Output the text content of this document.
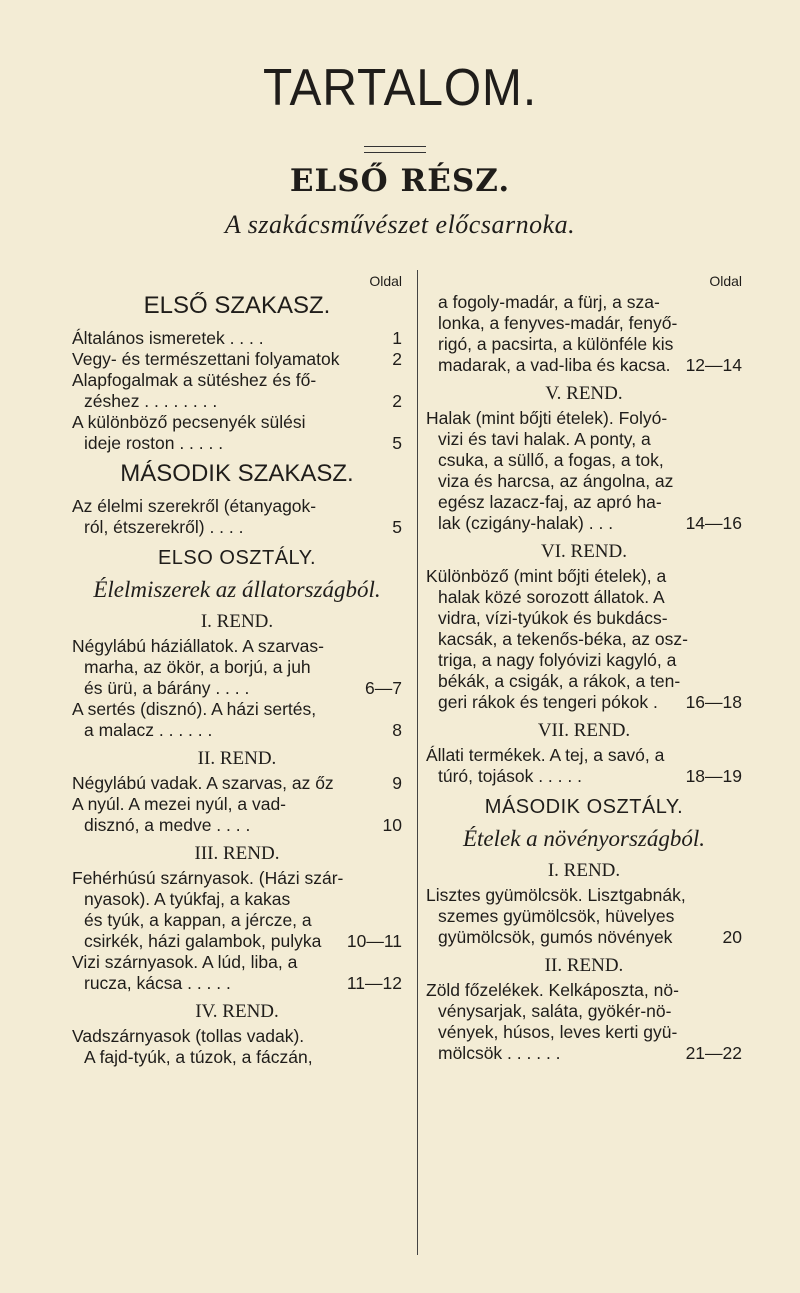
TARTALOM.
ELSŐ RÉSZ.
A szakácsművészet előcsarnoka.
Oldal
ELSŐ SZAKASZ.
Általános ismeretek . . . .	1
Vegy- és természettani folyamatok	2
Alapfogalmak a sütéshez és fő-
zéshez . . . . . . . .	2
A különböző pecsenyék sülési
ideje roston . . . . .	5
MÁSODIK SZAKASZ.
Az élelmi szerekről (étanyagok-
ról, étszerekről) . . . .	5
ELSO OSZTÁLY.
Élelmiszerek az állatországból.
I. REND.
Négylábú háziállatok. A szarvas-
marha, az ökör, a borjú, a juh
és ürü, a bárány . . . .	6—7
A sertés (disznó). A házi sertés,
a malacz . . . . . .	8
II. REND.
Négylábú vadak. A szarvas, az őz	9
A nyúl. A mezei nyúl, a vad-
disznó, a medve . . . .	10
III. REND.
Fehérhúsú szárnyasok. (Házi szár-
nyasok). A tyúkfaj, a kakas
és tyúk, a kappan, a jércze, a
csirkék, házi galambok, pulyka	10—11
Vizi szárnyasok. A lúd, liba, a
rucza, kácsa . . . . .	11—12
IV. REND.
Vadszárnyasok (tollas vadak).
A fajd-tyúk, a túzok, a fáczán,
Oldal
a fogoly-madár, a fürj, a sza-
lonka, a fenyves-madár, fenyő-
rigó, a pacsirta, a különféle kis
madarak, a vad-liba és kacsa. 12—14
V. REND.
Halak (mint bőjti ételek). Folyó-
vizi és tavi halak. A ponty, a
csuka, a süllő, a fogas, a tok,
viza és harcsa, az ángolna, az
egész lazacz-faj, az apró ha-
lak (czigány-halak) . . .	14—16
VI. REND.
Különböző (mint bőjti ételek), a
halak közé sorozott állatok. A
vidra, vízi-tyúkok és bukdács-
kacsák, a tekenős-béka, az osz-
triga, a nagy folyóvizi kagyló, a
békák, a csigák, a rákok, a ten-
geri rákok és tengeri pókok .	16—18
VII. REND.
Állati termékek. A tej, a savó, a
túró, tojások . . . . .	18—19
MÁSODIK OSZTÁLY.
Ételek a növényországból.
I. REND.
Lisztes gyümölcsök. Lisztgabnák,
szemes gyümölcsök, hüvelyes
gyümölcsök, gumós növények	20
II. REND.
Zöld főzelékek. Kelkáposzta, nö-
vénysarjak, saláta, gyökér-nö-
vények, húsos, leves kerti gyü-
mölcsök . . . . . .	21—22
